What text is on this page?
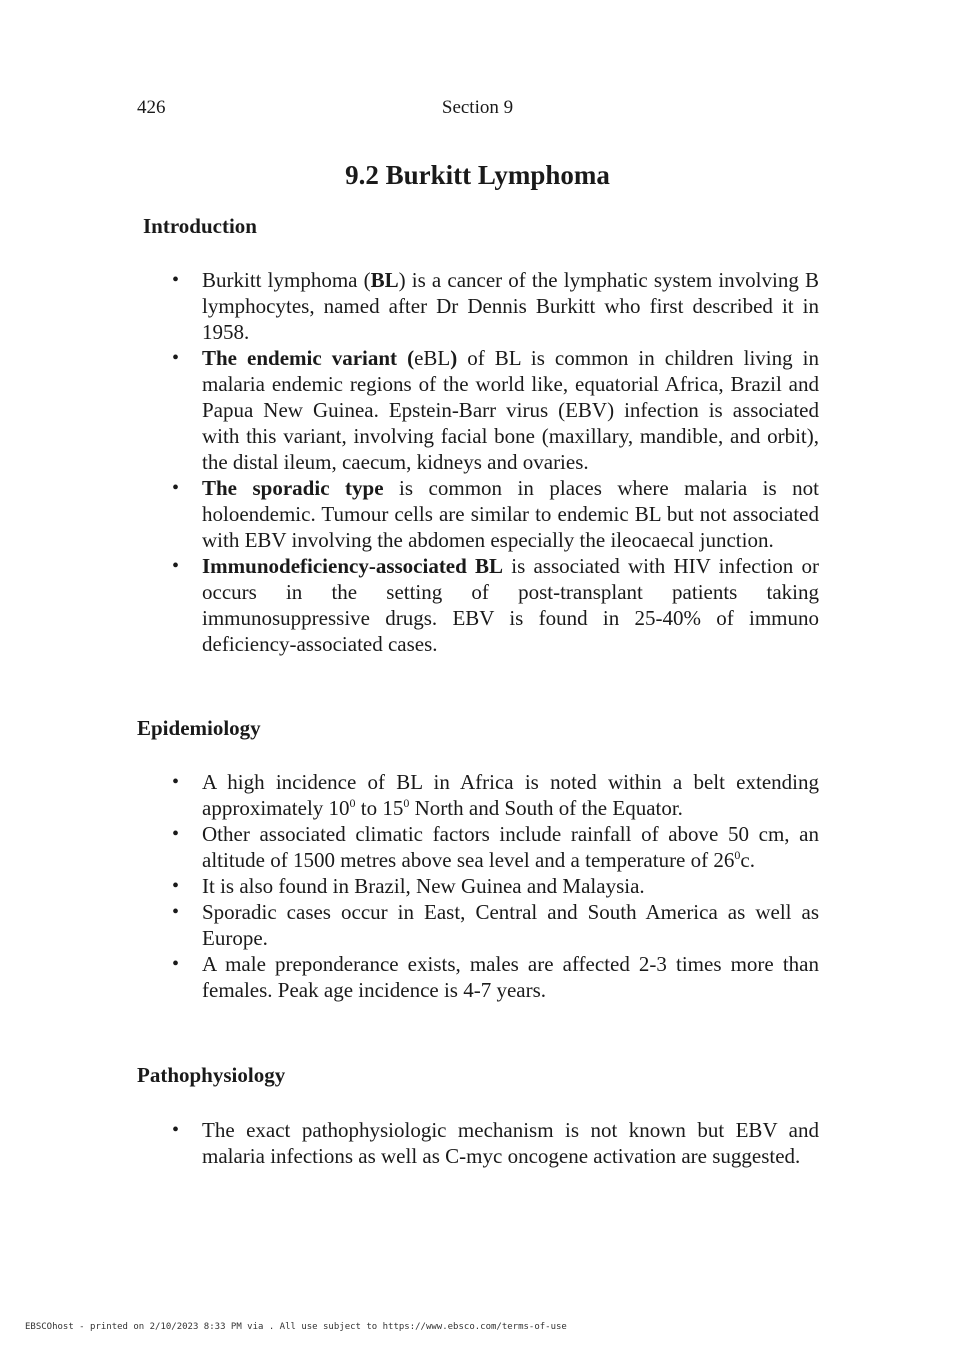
426	Section 9
9.2 Burkitt Lymphoma
Introduction
• Burkitt lymphoma (BL) is a cancer of the lymphatic system involving B lymphocytes, named after Dr Dennis Burkitt who first described it in 1958.
• The endemic variant (eBL) of BL is common in children living in malaria endemic regions of the world like, equatorial Africa, Brazil and Papua New Guinea. Epstein-Barr virus (EBV) infection is associated with this variant, involving facial bone (maxillary, mandible, and orbit), the distal ileum, caecum, kidneys and ovaries.
• The sporadic type is common in places where malaria is not holoendemic. Tumour cells are similar to endemic BL but not associated with EBV involving the abdomen especially the ileocaecal junction.
• Immunodeficiency-associated BL is associated with HIV infection or occurs in the setting of post-transplant patients taking immunosuppressive drugs. EBV is found in 25-40% of immuno deficiency-associated cases.
Epidemiology
• A high incidence of BL in Africa is noted within a belt extending approximately $10^0$ to $15^0$ North and South of the Equator.
• Other associated climatic factors include rainfall of above 50 cm, an altitude of 1500 metres above sea level and a temperature of $26^0c$.
• It is also found in Brazil, New Guinea and Malaysia.
• Sporadic cases occur in East, Central and South America as well as Europe.
• A male preponderance exists, males are affected 2-3 times more than females. Peak age incidence is 4-7 years.
Pathophysiology
• The exact pathophysiologic mechanism is not known but EBV and malaria infections as well as C-myc oncogene activation are suggested.
EBSCOhost - printed on 2/10/2023 8:33 PM via . All use subject to https://www.ebsco.com/terms-of-use
